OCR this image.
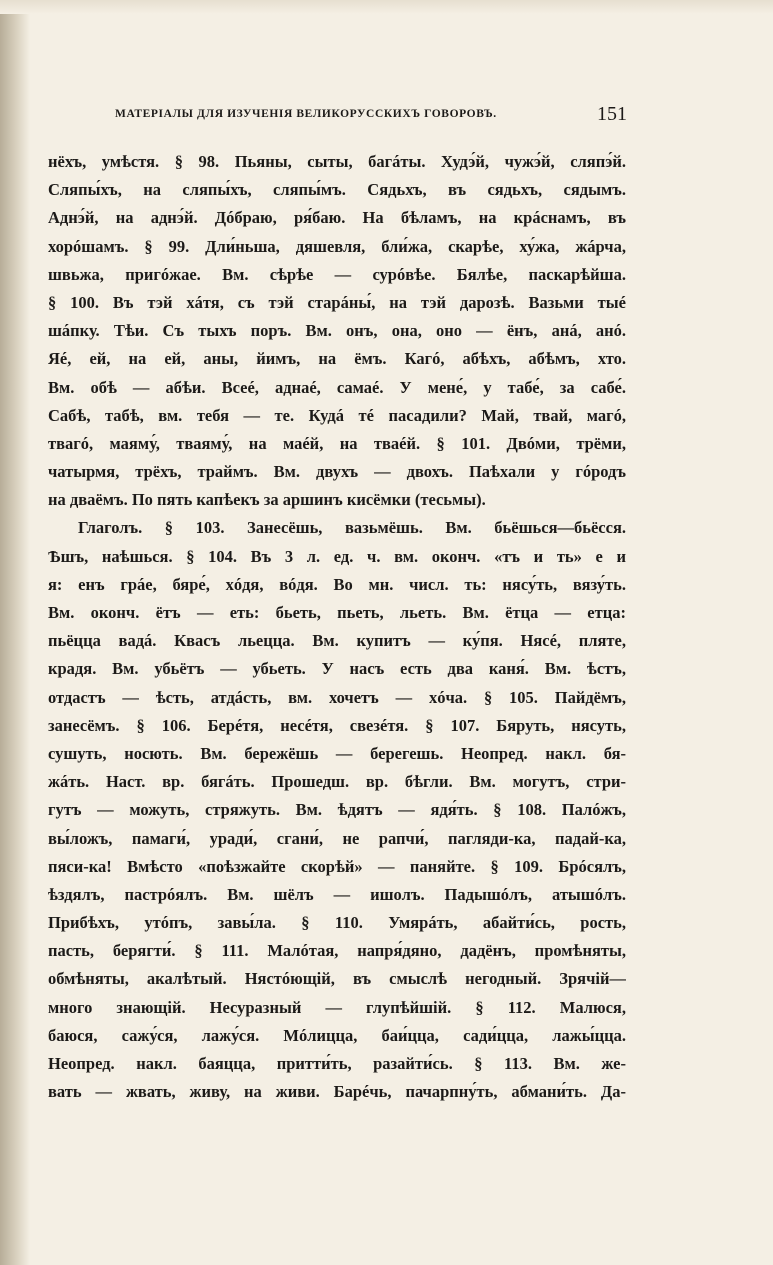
МАТЕРІАЛЫ ДЛЯ ИЗУЧЕНІЯ ВЕЛИКОРУССКИХЪ ГОВОРОВЪ.	151
нёхъ, умѣстя. § 98. Пьяны, сыты, багáты. Худэ́й, чужэ́й, сляпэ́й.
Сляпы́хъ, на сляпы́хъ, сляпы́мъ. Сядьхъ, въ сядьхъ, сядымъ.
Аднэ́й, на аднэ́й. Дóбраю, ря́баю. На бѣламъ, на крáснамъ, въ
хорóшамъ. § 99. Дли́ньша, дяшевля, бли́жа, скарѣе, ху́жа, жáрча,
швьжа, пригóжае. Вм. сѣрѣе — сурóвѣе. Бялѣе, паскарѣйша.
§ 100. Въ тэй хáтя, съ тэй старáны́, на тэй дарозѣ. Вазьми тыé
шáпку. Тѣи. Съ тыхъ поръ. Вм. онъ, она, оно — ёнъ, анá, анó.
Яé, ей, на ей, аны, йимъ, на ёмъ. Кагó, абѣхъ, абѣмъ, хто.
Вм. обѣ — абѣи. Всеé, аднаé, самаé. У мене́, у табе́, за сабе́.
Сабѣ, табѣ, вм. тебя — те. Кудá тé пасадили? Май, твай, магó,
твагó, маяму́, тваяму́, на маéй, на тваéй. § 101. Двóми, трёми,
чатырмя, трёхъ, траймъ. Вм. двухъ — двохъ. Паѣхали у гóродъ
на дваёмъ. По пять капѣекъ за аршинъ кисёмки (тесьмы).
Глаголъ. § 103. Занесёшь, вазьмёшь. Вм. бьёшься—бьёсся.
Ѣшъ, наѣшься. § 104. Въ 3 л. ед. ч. вм. оконч. «тъ и ть» е и
я: енъ грáе, бяре́, хóдя, вóдя. Во мн. числ. ть: нясу́ть, вязу́ть.
Вм. оконч. ётъ — еть: бьеть, пьеть, льеть. Вм. ётца — етца:
пьёцца вадá. Квасъ льецца. Вм. купитъ — ку́пя. Нясé, пляте,
крадя. Вм. убьётъ — убьеть. У насъ есть два каня́. Вм. ѣстъ,
отдастъ — ѣсть, атдáсть, вм. хочетъ — хóча. § 105. Пайдёмъ,
занесёмъ. § 106. Берéтя, несéтя, свезéтя. § 107. Бяруть, нясуть,
сушуть, носють. Вм. бережёшь — берегешь. Неопред. накл. бя-
жáть. Наст. вр. бягáть. Прошедш. вр. бѣгли. Вм. могутъ, стри-
гутъ — можуть, стряжуть. Вм. ѣдятъ — ядя́ть. § 108. Палóжъ,
вы́ложъ, памаги́, уради́, сгани́, не рапчи́, пагляди-ка, падай-ка,
пяси-ка! Вмѣсто «поѣзжайте скорѣй» — паняйте. § 109. Брóсялъ,
ѣздялъ, пастрóялъ. Вм. шёлъ — ишолъ. Падышóлъ, атышóлъ.
Прибѣхъ, утóпъ, завы́ла. § 110. Умярáть, абайти́сь, рость,
пасть, берягти́. § 111. Малóтая, напря́дяно, дадёнъ, промѣняты,
обмѣняты, акалѣтый. Нястóющій, въ смыслѣ негодный. Зрячій—
много знающій. Несуразный — глупѣйшій. § 112. Малюся,
баюся, сажу́ся, лажу́ся. Мóлицца, баи́цца, сади́цца, лажы́цца.
Неопред. накл. баяцца, притти́ть, разайти́сь. § 113. Вм. же-
вать — жвать, живу, на живи. Барéчь, пачарпну́ть, абмани́ть. Да-
